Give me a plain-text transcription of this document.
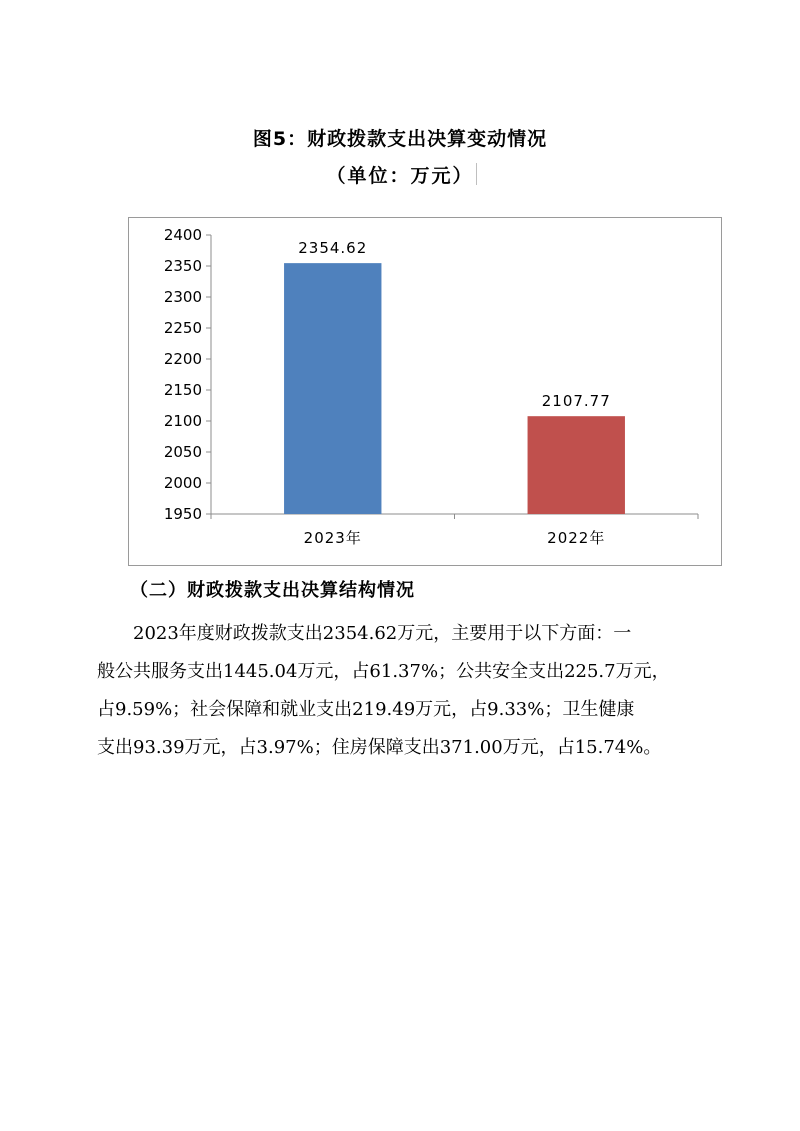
图5：财政拨款支出决算变动情况
（单位：万元）
1950
2000
2050
2100
2150
2200
2250
2300
2350
2400
2354.62
2023年
2107.77
2022年
（二）财政拨款支出决算结构情况
2023年度财政拨款支出2354.62万元，主要用于以下方面：一
般公共服务支出1445.04万元，占61.37%；公共安全支出225.7万元，
占9.59%；社会保障和就业支出219.49万元，占9.33%；卫生健康
支出93.39万元，占3.97%；住房保障支出371.00万元，占15.74%。
